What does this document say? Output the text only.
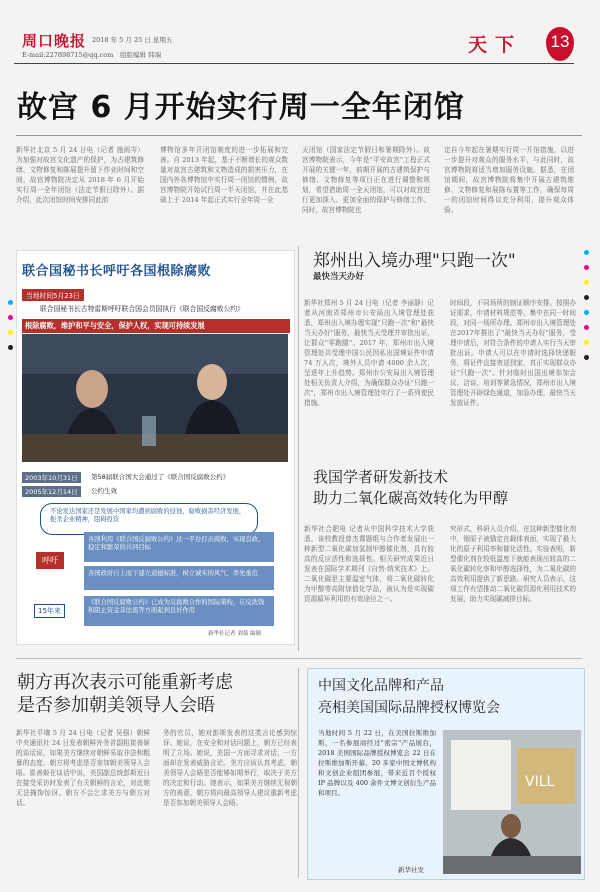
周口晚报 2018 年 5 月 25 日 星期五
E-mail:2278987​15@qq.com 组版编辑 韩瑞	天下 13
故宫 6 月开始实行周一全年闭馆
新华社北京 5 月 24 日电（记者 施雨岑）为加强对故宫文化遗产的保护，为古建筑修缮、文物修复和陈展提升留下作业时间和空间，故宫博物院决定从 2018 年 6 月开始实行周一全年闭馆（法定节假日除外）。据介绍，此次闭馆时间安排同此前
博物馆多年开闭馆制度的进一步拓展和完善。自 2013 年起，基于不断增长的观众数量对故宫古建筑和文物造成的损害压力，在国内外各博物馆中实行周一闭馆的惯例，故宫博物院开始试行周一半天闭馆，并在此基础上于 2014 年起正式实行全年周一全
天闭馆（国家法定节假日和暑期除外）。故宫博物院表示，今年是"平安故宫"工程正式开展的关键一年，前期开展的古建筑保护与修缮、文物修复等项目正在进行调整和规划，希望借助周一全天闭馆，可以对故宫进行更加深入、更加全面的保护与修缮工作。同时，故宫博物院也
定自今年起在暑期实行周一开馆措施，以进一步提升对观众的服务水平，与此同时，故宫博物院将适当增加服务设施。据悉，在闭馆期间，故宫博物院将集中开展古建筑维修、文物修复和展陈布置等工作，确保每周一的闭馆时间得以充分利用，提升观众体验。
联合国秘书长呼吁各国根除腐败
当地时间5月23日
联合国秘书长古特雷斯呼吁联合国会员国执行《联合国反腐败公约》
根除腐败，维护和平与安全，保护人权，实现可持续发展
2003年10月31日	第58届联合国大会通过了《联合国反腐败公约》
2005年12月14日	公约生效
不论发达国家还是发展中国家均遭到腐败的侵蚀，腐败损害经济发展，扼杀企业精神，阻碍投资
各国利用《联合国反腐败公约》这一平台打击腐败，实现良政、稳定和繁荣的共同目标
呼吁
各国政府自上而下建立道德标准，树立诚实的风气，率先垂范
《联合国反腐败公约》已成为反腐败合作的国际架构，在反洗钱和阻止资金非法流等方面起到良好作用
15年来
新华社记者 刘菊 编制
郑州出入境办理"只跑一次"
最快当天办好
新华社郑州 5 月 24 日电（记者 李丽静）记者从河南省郑州市公安局出入境管理处获悉，郑州出入境办理实现"只跑一次"和"最快当天办好"服务，最快当天受理并审批出证，让群众"零跑腿"。2017 年，郑州市出入境管理处共受理中国公民因私出国境证件申请 74 万人次，境外人员申请 4000 余人次，呈逐年上升趋势。郑州市公安局出入境管理处相关负责人介绍，为确保群众办证"只跑一次"，郑州市出入境管理处实行了一系列便民措施。
时间段，不同场所的制证顺序安排。按照办证需求，申请材料规范等，集中在同一时间段，对同一场所办理。郑州市出入境管理处在2017年推出了"最快当天办好"服务，受理申请后，对符合条件的申请人实行当天审批出证。申请人可以在申请时选择快递服务，将证件直接寄送到家，真正实现群众办证"只跑一次"。针对临时出国出境参加会议、洽谈、培训等紧急情况，郑州市出入境管理处开辟绿色通道，加急办理，最快当天发放证件。
我国学者研发新技术
助力二氧化碳高效转化为甲醇
新华社合肥电 记者从中国科学技术大学获悉，该校教授曾杰课题组与合作者发展出一种新型二氧化碳加氢制甲醇催化剂，具有较高的反应活性和选择性。相关研究成果近日发表在国际学术期刊《自然·纳米技术》上。二氧化碳是主要温室气体，将二氧化碳转化为甲醇等高附加值化学品，被认为是实现碳资源循环利用的有效途径之一。
究形式，科研人员介绍，在这种新型催化剂中，铟原子被锚定在载体表面，实现了最大化的原子利用率和催化活性。实验表明，新型催化剂在较低温度下就能表现出较高的二氧化碳转化率和甲醇选择性，为二氧化碳的高效利用提供了新思路。研究人员表示，这项工作有望推动二氧化碳资源化利用技术的发展，助力实现碳减排目标。
朝方再次表示可能重新考虑
是否参加朝美领导人会晤
新华社平壤 5 月 24 日电（记者 吴强）朝鲜中央通讯社 24 日发表朝鲜外务省副相崔善姬的谈话说，如果美方继续对朝鲜采取非法和粗暴的态度，朝方将考虑是否参加朝美领导人会晤。崔善姬在谈话中说，美国副总统彭斯近日在接受采访时发表了有关朝鲜的言论，对此她无法掩饰惊讶。朝方不会乞求美方与朝方对话。
务的官员，她对彭斯发表的这类言论感到惊讶。她说，在安全和对话问题上，朝方已经表明了立场。她说，美国一方面寻求对话，一方面却在发表威胁言论。美方应该认真考虑，朝美领导人会晤是否能够如期举行，取决于美方的决定和行动。她表示，如果美方继续无视朝方的善意，朝方将向最高领导人建议重新考虑是否参加朝美领导人会晤。
中国文化品牌和产品
亮相美国国际品牌授权博览会
当地时间 5 月 22 日，在美国拉斯维加斯，一名参展商经过"密宗"产品展台，2018 美国国际品牌授权博览会 22 日在拉斯维加斯开幕，20 多家中国文博机构和文创企业组团参展，带来近百个授权 IP 品牌以及 400 余件文博文创衍生产品和项目。
新华社发
VILL
